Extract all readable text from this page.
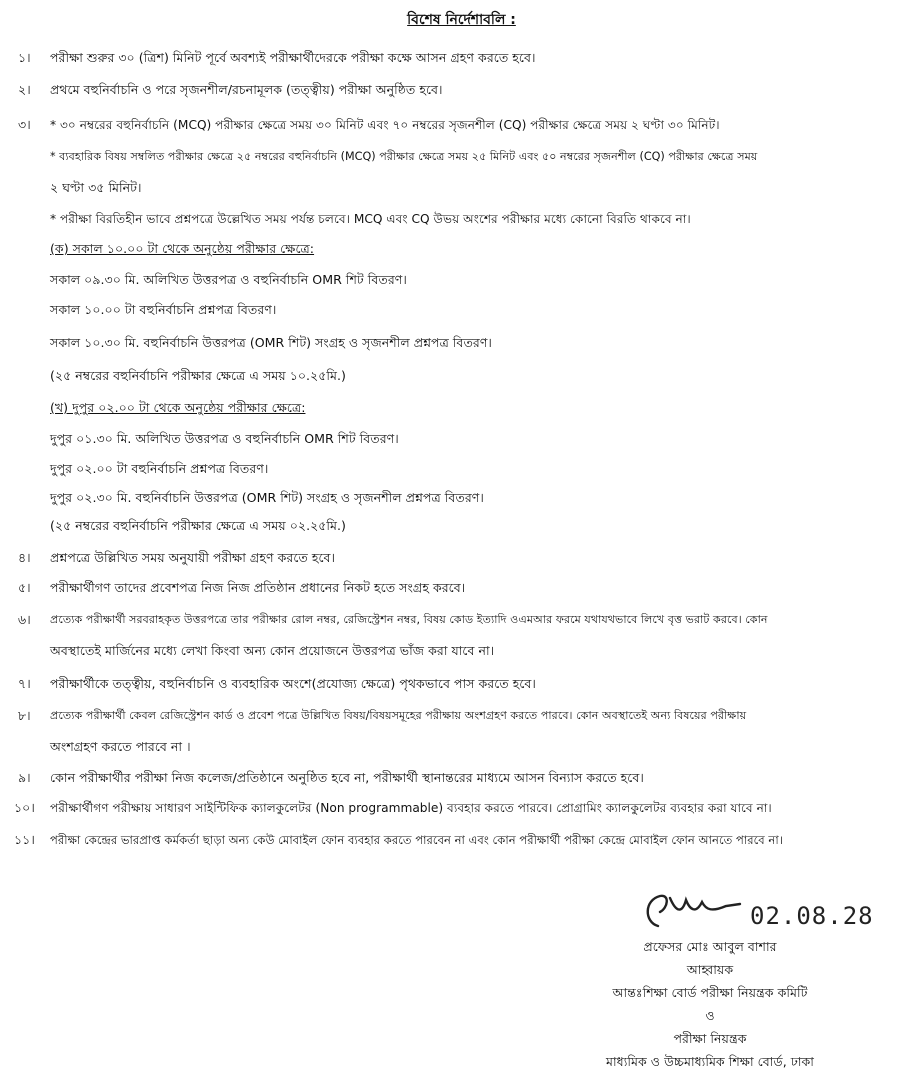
বিশেষ নির্দেশাবলি :
১। পরীক্ষা শুরুর ৩০ (ত্রিশ) মিনিট পূর্বে অবশ্যই পরীক্ষার্থীদেরকে পরীক্ষা কক্ষে আসন গ্রহণ করতে হবে।
২। প্রথমে বহুনির্বাচনি ও পরে সৃজনশীল/রচনামূলক (তত্ত্বীয়) পরীক্ষা অনুষ্ঠিত হবে।
৩। * ৩০ নম্বরের বহুনির্বাচনি (MCQ) পরীক্ষার ক্ষেত্রে সময় ৩০ মিনিট এবং ৭০ নম্বরের সৃজনশীল (CQ) পরীক্ষার ক্ষেত্রে সময় ২ ঘণ্টা ৩০ মিনিট।
* ব্যবহারিক বিষয় সম্বলিত পরীক্ষার ক্ষেত্রে ২৫ নম্বরের বহুনির্বাচনি (MCQ) পরীক্ষার ক্ষেত্রে সময় ২৫ মিনিট এবং ৫০ নম্বরের সৃজনশীল (CQ) পরীক্ষার ক্ষেত্রে সময়
২ ঘণ্টা ৩৫ মিনিট।
* পরীক্ষা বিরতিহীন ভাবে প্রশ্নপত্রে উল্লেখিত সময় পর্যন্ত চলবে। MCQ এবং CQ উভয় অংশের পরীক্ষার মধ্যে কোনো বিরতি থাকবে না।
(ক) সকাল ১০.০০ টা থেকে অনুষ্ঠেয় পরীক্ষার ক্ষেত্রে:
সকাল ০৯.৩০ মি. অলিখিত উত্তরপত্র ও বহুনির্বাচনি OMR শিট বিতরণ।
সকাল ১০.০০ টা বহুনির্বাচনি প্রশ্নপত্র বিতরণ।
সকাল ১০.৩০ মি. বহুনির্বাচনি উত্তরপত্র (OMR শিট) সংগ্রহ ও সৃজনশীল প্রশ্নপত্র বিতরণ।
(২৫ নম্বরের বহুনির্বাচনি পরীক্ষার ক্ষেত্রে এ সময় ১০.২৫মি.)
(খ) দুপুর ০২.০০ টা থেকে অনুষ্ঠেয় পরীক্ষার ক্ষেত্রে:
দুপুর ০১.৩০ মি. অলিখিত উত্তরপত্র ও বহুনির্বাচনি OMR শিট বিতরণ।
দুপুর ০২.০০ টা বহুনির্বাচনি প্রশ্নপত্র বিতরণ।
দুপুর ০২.৩০ মি. বহুনির্বাচনি উত্তরপত্র (OMR শিট) সংগ্রহ ও সৃজনশীল প্রশ্নপত্র বিতরণ।
(২৫ নম্বরের বহুনির্বাচনি পরীক্ষার ক্ষেত্রে এ সময় ০২.২৫মি.)
৪। প্রশ্নপত্রে উল্লিখিত সময় অনুযায়ী পরীক্ষা গ্রহণ করতে হবে।
৫। পরীক্ষার্থীগণ তাদের প্রবেশপত্র নিজ নিজ প্রতিষ্ঠান প্রধানের নিকট হতে সংগ্রহ করবে।
৬। প্রত্যেক পরীক্ষার্থী সরবরাহকৃত উত্তরপত্রে তার পরীক্ষার রোল নম্বর, রেজিস্ট্রেশন নম্বর, বিষয় কোড ইত্যাদি ওএমআর ফরমে যথাযথভাবে লিখে বৃত্ত ভরাট করবে। কোন
অবস্থাতেই মার্জিনের মধ্যে লেখা কিংবা অন্য কোন প্রয়োজনে উত্তরপত্র ভাঁজ করা যাবে না।
৭। পরীক্ষার্থীকে তত্ত্বীয়, বহুনির্বাচনি ও ব্যবহারিক অংশে(প্রযোজ্য ক্ষেত্রে) পৃথকভাবে পাস করতে হবে।
৮। প্রত্যেক পরীক্ষার্থী কেবল রেজিস্ট্রেশন কার্ড ও প্রবেশ পত্রে উল্লিখিত বিষয়/বিষয়সমূহের পরীক্ষায় অংশগ্রহণ করতে পারবে। কোন অবস্থাতেই অন্য বিষয়ের পরীক্ষায়
অংশগ্রহণ করতে পারবে না ।
৯। কোন পরীক্ষার্থীর পরীক্ষা নিজ কলেজ/প্রতিষ্ঠানে অনুষ্ঠিত হবে না, পরীক্ষার্থী স্থানান্তরের মাধ্যমে আসন বিন্যাস করতে হবে।
১০। পরীক্ষার্থীগণ পরীক্ষায় সাধারণ সাইন্টিফিক ক্যালকুলেটর (Non programmable) ব্যবহার করতে পারবে। প্রোগ্রামিং ক্যালকুলেটর ব্যবহার করা যাবে না।
১১। পরীক্ষা কেন্দ্রের ভারপ্রাপ্ত কর্মকর্তা ছাড়া অন্য কেউ মোবাইল ফোন ব্যবহার করতে পারবেন না এবং কোন পরীক্ষার্থী পরীক্ষা কেন্দ্রে মোবাইল ফোন আনতে পারবে না।
02.08.28
প্রফেসর মোঃ আবুল বাশার
আহ্বায়ক
আন্তঃশিক্ষা বোর্ড পরীক্ষা নিয়ন্ত্রক কমিটি
ও
পরীক্ষা নিয়ন্ত্রক
মাধ্যমিক ও উচ্চমাধ্যমিক শিক্ষা বোর্ড, ঢাকা
